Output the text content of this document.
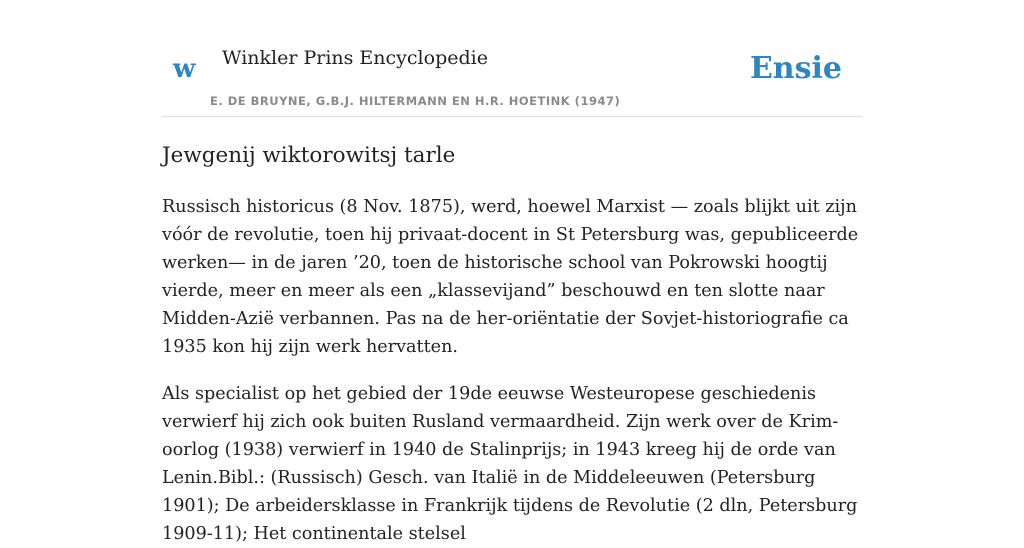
w Winkler Prins Encyclopedie
E. DE BRUYNE, G.B.J. HILTERMANN EN H.R. HOETINK (1947)
Ensie
Jewgenij wiktorowitsj tarle

Russisch historicus (8 Nov. 1875), werd, hoewel Marxist — zoals blijkt uit zijn vóór de revolutie, toen hij privaat-docent in St Petersburg was, gepubliceerde werken— in de jaren ’20, toen de historische school van Pokrowski hoogtij vierde, meer en meer als een „klassevijand” beschouwd en ten slotte naar Midden-Azië verbannen. Pas na de her-oriëntatie der Sovjet-historiografie ca 1935 kon hij zijn werk hervatten.

Als specialist op het gebied der 19de eeuwse Westeuropese geschiedenis verwierf hij zich ook buiten Rusland vermaardheid. Zijn werk over de Krim-oorlog (1938) verwierf in 1940 de Stalinprijs; in 1943 kreeg hij de orde van Lenin.Bibl.: (Russisch) Gesch. van Italië in de Middeleeuwen (Petersburg 1901); De arbeidersklasse in Frankrijk tijdens de Revolutie (2 dln, Petersburg 1909-11); Het continentale stelsel
